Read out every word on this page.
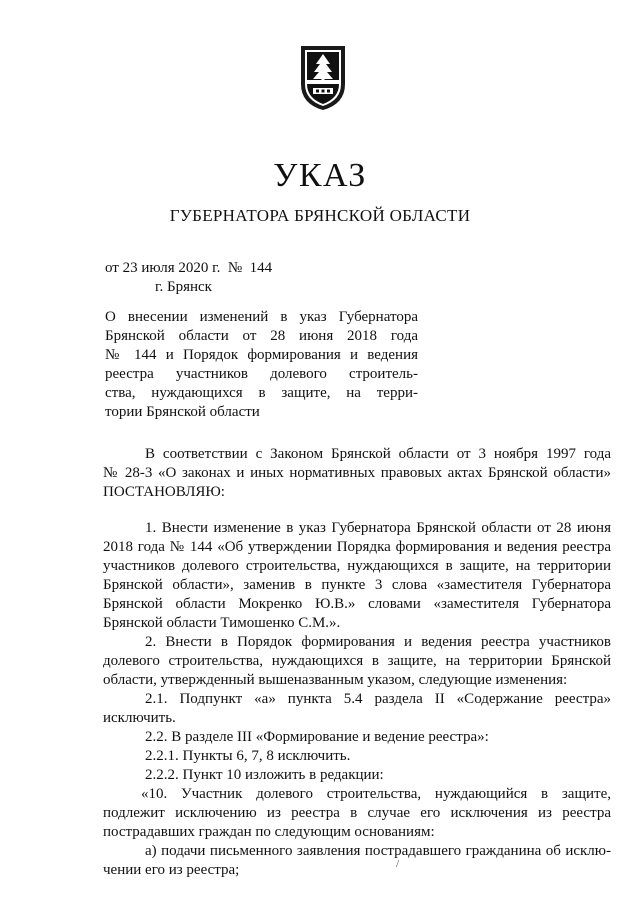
УКАЗ
ГУБЕРНАТОРА БРЯНСКОЙ ОБЛАСТИ
от 23 июля 2020 г. № 144
г. Брянск
О внесении изменений в указ Губернатора
Брянской области от 28 июня 2018 года
№ 144 и Порядок формирования и ведения
реестра участников долевого строитель-
ства, нуждающихся в защите, на терри-
тории Брянской области
В соответствии с Законом Брянской области от 3 ноября 1997 года
№ 28-3 «О законах и иных нормативных правовых актах Брянской области»
ПОСТАНОВЛЯЮ:
1. Внести изменение в указ Губернатора Брянской области от 28 июня
2018 года № 144 «Об утверждении Порядка формирования и ведения реестра
участников долевого строительства, нуждающихся в защите, на территории
Брянской области», заменив в пункте 3 слова «заместителя Губернатора
Брянской области Мокренко Ю.В.» словами «заместителя Губернатора
Брянской области Тимошенко С.М.».
2. Внести в Порядок формирования и ведения реестра участников
долевого строительства, нуждающихся в защите, на территории Брянской
области, утвержденный вышеназванным указом, следующие изменения:
2.1. Подпункт «а» пункта 5.4 раздела II «Содержание реестра»
исключить.
2.2. В разделе III «Формирование и ведение реестра»:
2.2.1. Пункты 6, 7, 8 исключить.
2.2.2. Пункт 10 изложить в редакции:
«10. Участник долевого строительства, нуждающийся в защите,
подлежит исключению из реестра в случае его исключения из реестра
пострадавших граждан по следующим основаниям:
а) подачи письменного заявления пострадавшего гражданина об исклю-
чении его из реестра;	/
